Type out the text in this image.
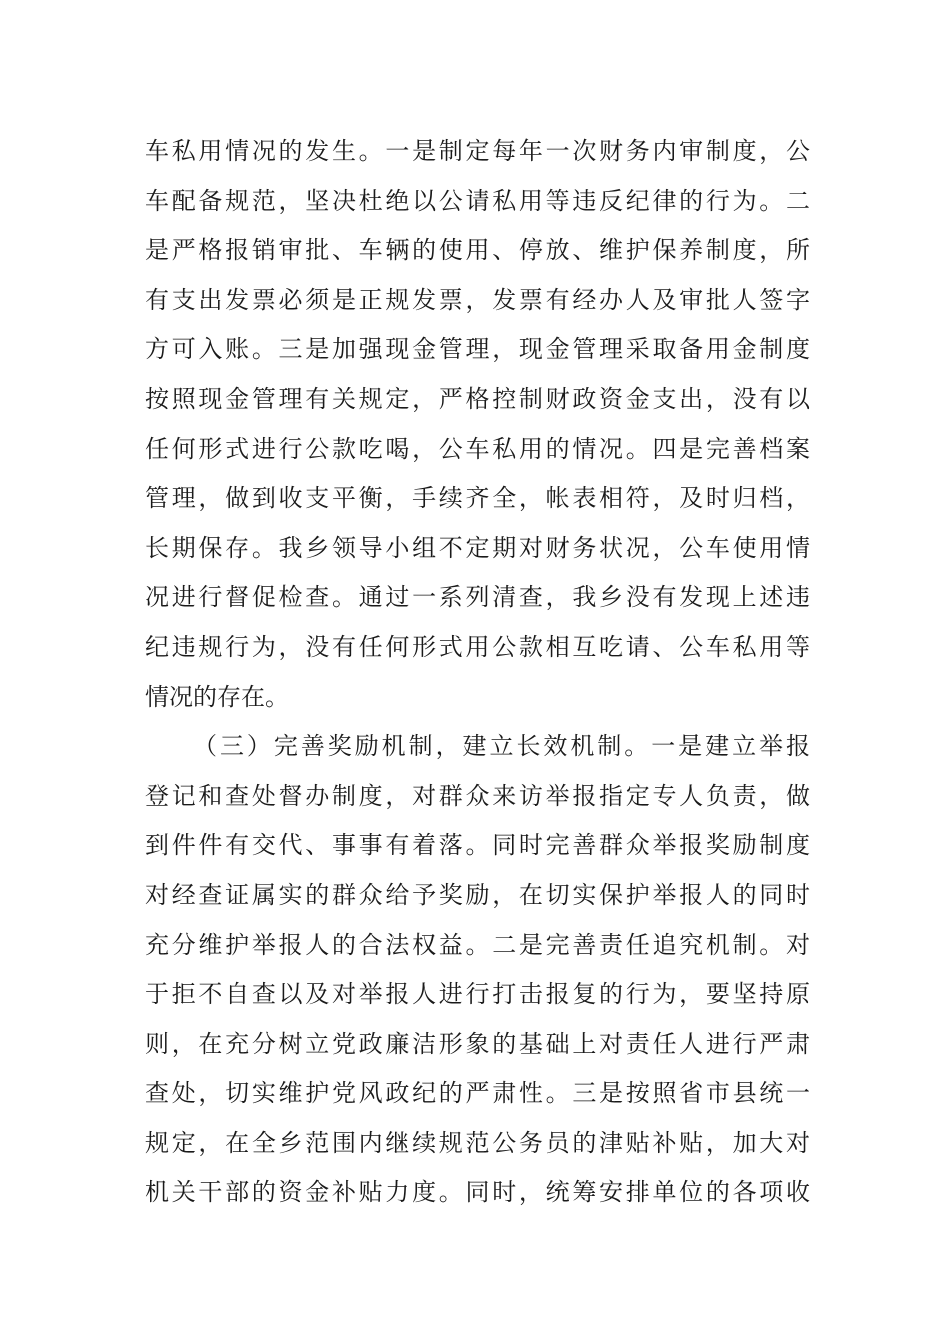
车私用情况的发生。一是制定每年一次财务内审制度，公
车配备规范，坚决杜绝以公请私用等违反纪律的行为。二
是严格报销审批、车辆的使用、停放、维护保养制度，所
有支出发票必须是正规发票，发票有经办人及审批人签字
方可入账。三是加强现金管理，现金管理采取备用金制度
按照现金管理有关规定，严格控制财政资金支出，没有以
任何形式进行公款吃喝，公车私用的情况。四是完善档案
管理，做到收支平衡，手续齐全，帐表相符，及时归档，
长期保存。我乡领导小组不定期对财务状况，公车使用情
况进行督促检查。通过一系列清查，我乡没有发现上述违
纪违规行为，没有任何形式用公款相互吃请、公车私用等
情况的存在。
（三）完善奖励机制，建立长效机制。一是建立举报
登记和查处督办制度，对群众来访举报指定专人负责，做
到件件有交代、事事有着落。同时完善群众举报奖励制度
对经查证属实的群众给予奖励，在切实保护举报人的同时
充分维护举报人的合法权益。二是完善责任追究机制。对
于拒不自查以及对举报人进行打击报复的行为，要坚持原
则，在充分树立党政廉洁形象的基础上对责任人进行严肃
查处，切实维护党风政纪的严肃性。三是按照省市县统一
规定，在全乡范围内继续规范公务员的津贴补贴，加大对
机关干部的资金补贴力度。同时，统筹安排单位的各项收
